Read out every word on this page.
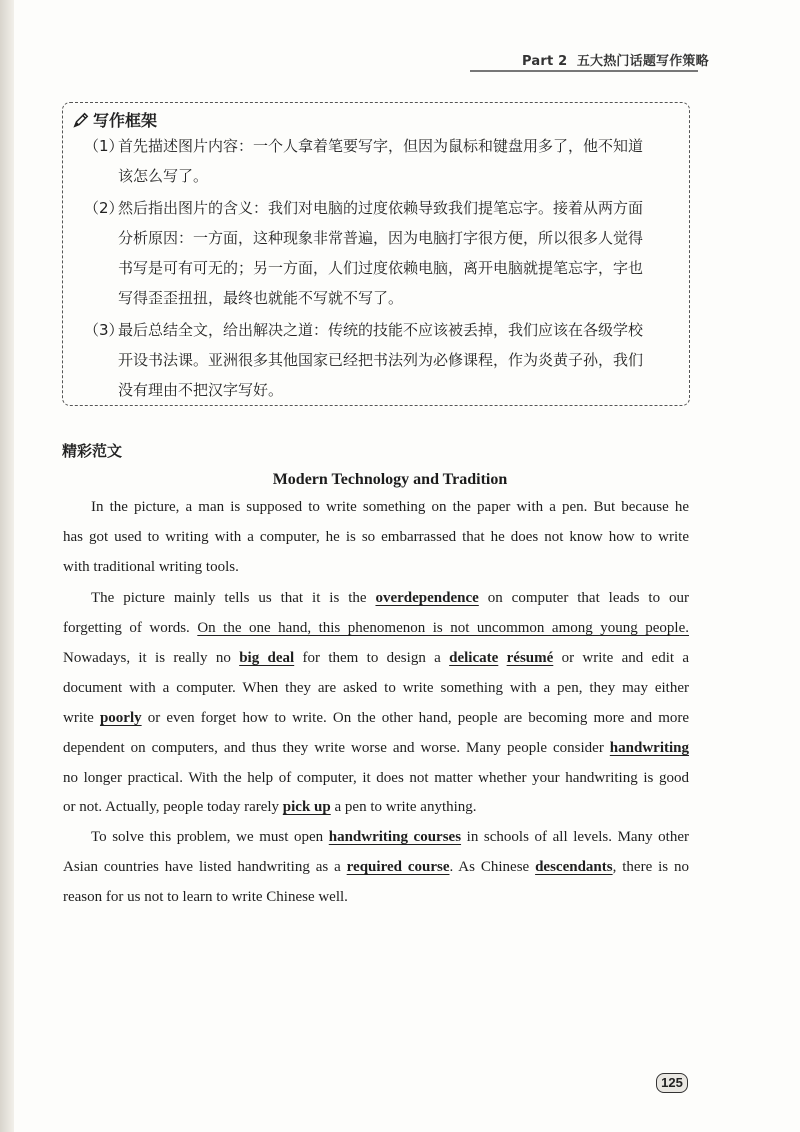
Part 2 五大热门话题写作策略
写作框架
（1）
首先描述图片内容：一个人拿着笔要写字，但因为鼠标和键盘用多了，他不知道
该怎么写了。
（2）
然后指出图片的含义：我们对电脑的过度依赖导致我们提笔忘字。接着从两方面
分析原因：一方面，这种现象非常普遍，因为电脑打字很方便，所以很多人觉得
书写是可有可无的；另一方面，人们过度依赖电脑，离开电脑就提笔忘字，字也
写得歪歪扭扭，最终也就能不写就不写了。
（3）
最后总结全文，给出解决之道：传统的技能不应该被丢掉，我们应该在各级学校
开设书法课。亚洲很多其他国家已经把书法列为必修课程，作为炎黄子孙，我们
没有理由不把汉字写好。
精彩范文
Modern Technology and Tradition
In the picture, a man is supposed to write something on the paper with a pen. But because he
has got used to writing with a computer, he is so embarrassed that he does not know how to write
with traditional writing tools.
The picture mainly tells us that it is the overdependence on computer that leads to our
forgetting of words. On the one hand, this phenomenon is not uncommon among young people.
Nowadays, it is really no big deal for them to design a delicate résumé or write and edit a
document with a computer. When they are asked to write something with a pen, they may either
write poorly or even forget how to write. On the other hand, people are becoming more and more
dependent on computers, and thus they write worse and worse. Many people consider handwriting
no longer practical. With the help of computer, it does not matter whether your handwriting is good
or not. Actually, people today rarely pick up a pen to write anything.
To solve this problem, we must open handwriting courses in schools of all levels. Many other
Asian countries have listed handwriting as a required course. As Chinese descendants, there is no
reason for us not to learn to write Chinese well.
125
